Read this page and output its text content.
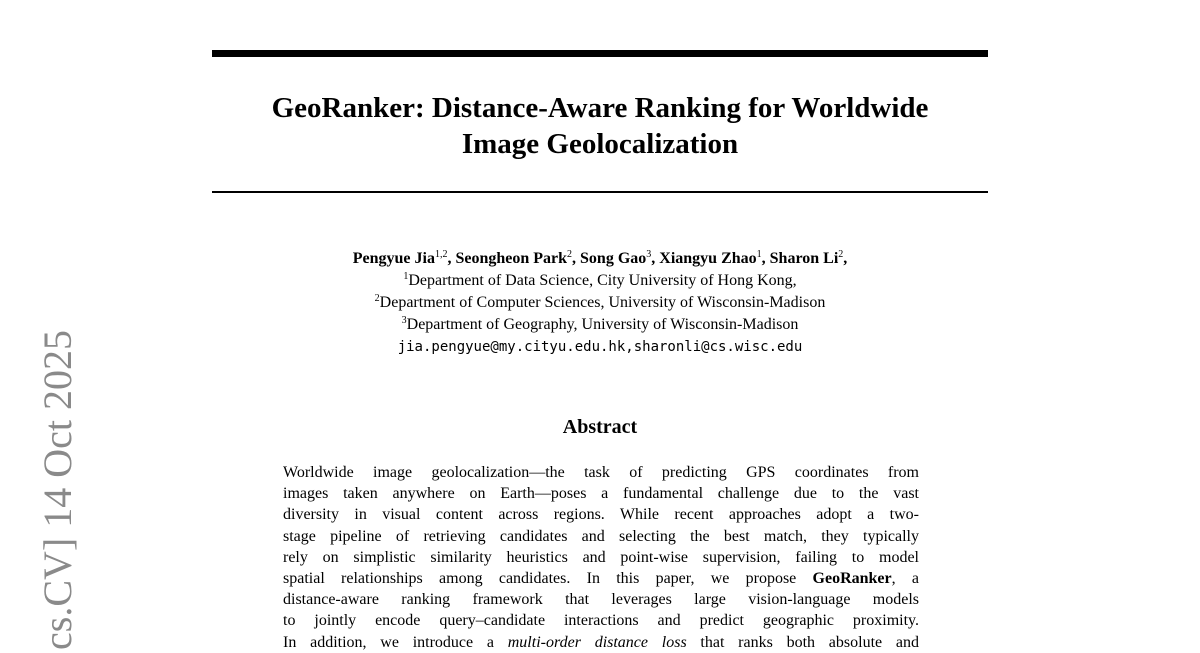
GeoRanker: Distance-Aware Ranking for Worldwide
Image Geolocalization
Pengyue Jia$^{1,2}$, Seongheon Park$^2$, Song Gao$^3$, Xiangyu Zhao$^1$, Sharon Li$^2$,
$^1$Department of Data Science, City University of Hong Kong,
$^2$Department of Computer Sciences, University of Wisconsin-Madison
$^3$Department of Geography, University of Wisconsin-Madison
jia.pengyue@my.cityu.edu.hk,sharonli@cs.wisc.edu
Abstract
Worldwide image geolocalization—the task of predicting GPS coordinates from
images taken anywhere on Earth—poses a fundamental challenge due to the vast
diversity in visual content across regions. While recent approaches adopt a two-
stage pipeline of retrieving candidates and selecting the best match, they typically
rely on simplistic similarity heuristics and point-wise supervision, failing to model
spatial relationships among candidates. In this paper, we propose GeoRanker, a
distance-aware ranking framework that leverages large vision-language models
to jointly encode query–candidate interactions and predict geographic proximity.
In addition, we introduce a multi-order distance loss that ranks both absolute and
cs.CV] 14 Oct 2025
